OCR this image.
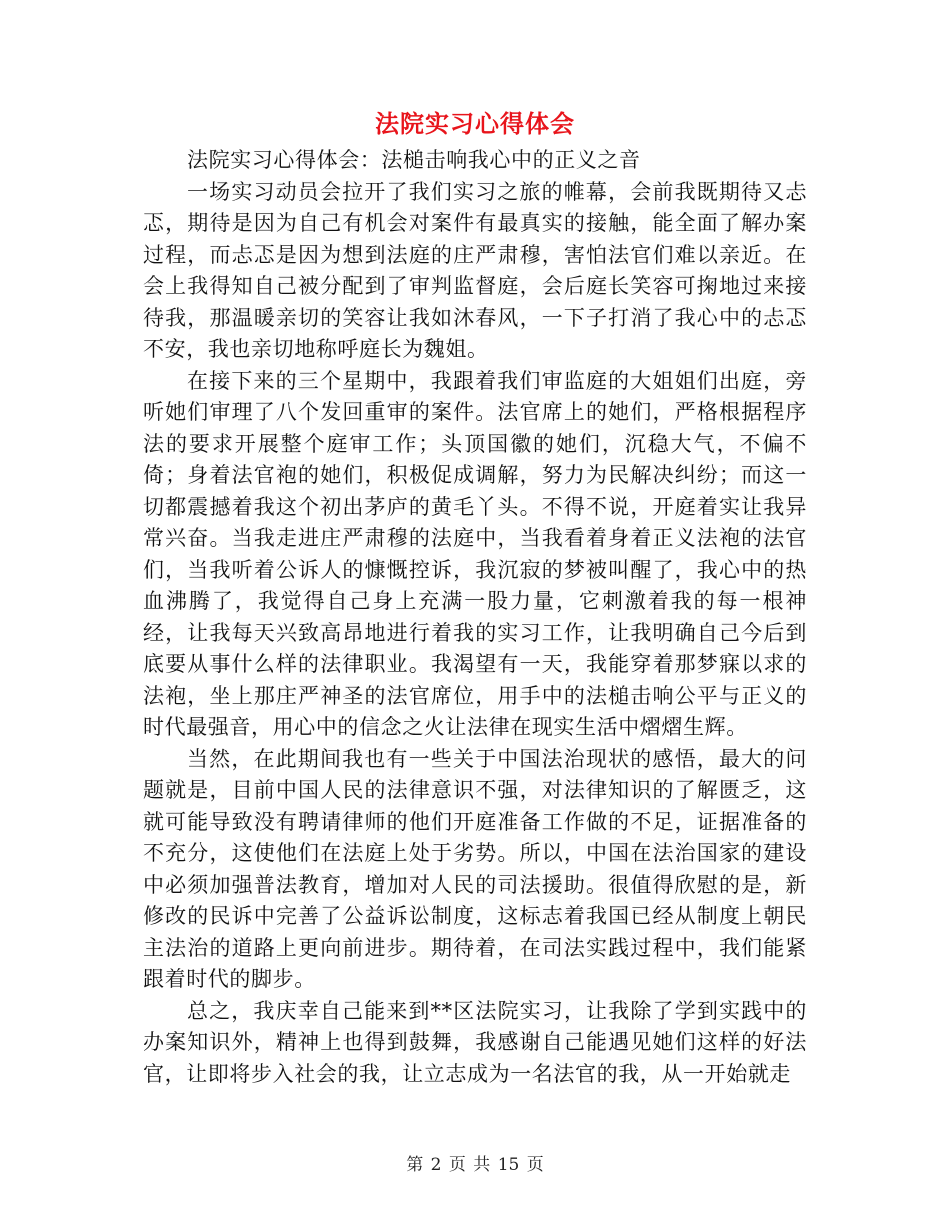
法院实习心得体会

法院实习心得体会：法槌击响我心中的正义之音

一场实习动员会拉开了我们实习之旅的帷幕，会前我既期待又忐忑，期待是因为自己有机会对案件有最真实的接触，能全面了解办案过程，而忐忑是因为想到法庭的庄严肃穆，害怕法官们难以亲近。在会上我得知自己被分配到了审判监督庭，会后庭长笑容可掬地过来接待我，那温暖亲切的笑容让我如沐春风，一下子打消了我心中的忐忑不安，我也亲切地称呼庭长为魏姐。

在接下来的三个星期中，我跟着我们审监庭的大姐姐们出庭，旁听她们审理了八个发回重审的案件。法官席上的她们，严格根据程序法的要求开展整个庭审工作；头顶国徽的她们，沉稳大气，不偏不倚；身着法官袍的她们，积极促成调解，努力为民解决纠纷；而这一切都震撼着我这个初出茅庐的黄毛丫头。不得不说，开庭着实让我异常兴奋。当我走进庄严肃穆的法庭中，当我看着身着正义法袍的法官们，当我听着公诉人的慷慨控诉，我沉寂的梦被叫醒了，我心中的热血沸腾了，我觉得自己身上充满一股力量，它刺激着我的每一根神经，让我每天兴致高昂地进行着我的实习工作，让我明确自己今后到底要从事什么样的法律职业。我渴望有一天，我能穿着那梦寐以求的法袍，坐上那庄严神圣的法官席位，用手中的法槌击响公平与正义的时代最强音，用心中的信念之火让法律在现实生活中熠熠生辉。

当然，在此期间我也有一些关于中国法治现状的感悟，最大的问题就是，目前中国人民的法律意识不强，对法律知识的了解匮乏，这就可能导致没有聘请律师的他们开庭准备工作做的不足，证据准备的不充分，这使他们在法庭上处于劣势。所以，中国在法治国家的建设中必须加强普法教育，增加对人民的司法援助。很值得欣慰的是，新修改的民诉中完善了公益诉讼制度，这标志着我国已经从制度上朝民主法治的道路上更向前进步。期待着，在司法实践过程中，我们能紧跟着时代的脚步。

总之，我庆幸自己能来到**区法院实习，让我除了学到实践中的办案知识外，精神上也得到鼓舞，我感谢自己能遇见她们这样的好法官，让即将步入社会的我，让立志成为一名法官的我，从一开始就走

第 2 页 共 15 页
